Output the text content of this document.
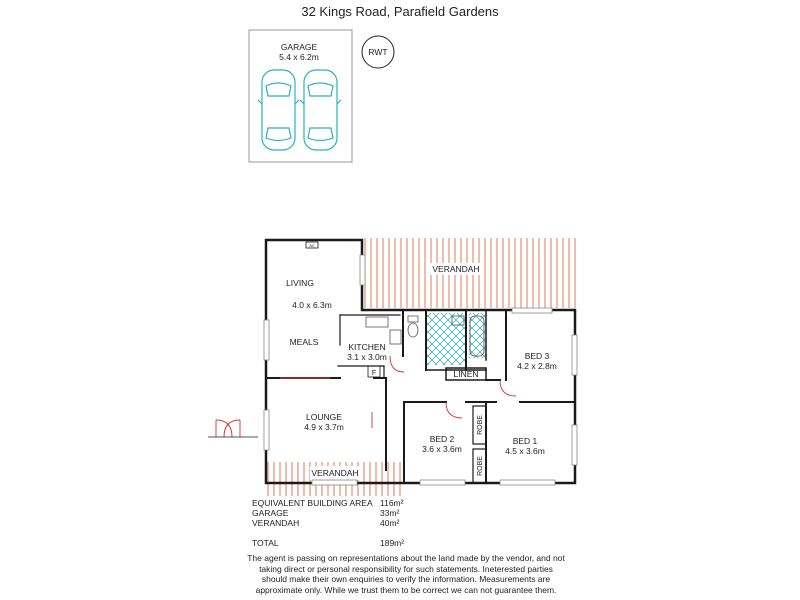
32 Kings Road, Parafield Gardens
GARAGE
5.4 x 6.2m	RWT
VERANDAH
VERANDAH
LIVING
4.0 x 6.3m
MEALS	KITCHEN
3.1 x 3.0m
F
AC
LINEN
BED 3
4.2 x 2.8m
LOUNGE
4.9 x 3.7m
BED 2
3.6 x 3.6m
BED 1
4.5 x 3.6m
ROBE
ROBE
EQUIVALENT BUILDING AREA 116m²
GARAGE	33m²
VERANDAH	40m²
TOTAL	189m²
The agent is passing on representations about the land made by the vendor, and not taking direct or personal responsibility for such statements. Ineterested parties should make their own enquiries to verify the information. Measurements are approximate only. While we trust them to be correct we can not guarantee them.
